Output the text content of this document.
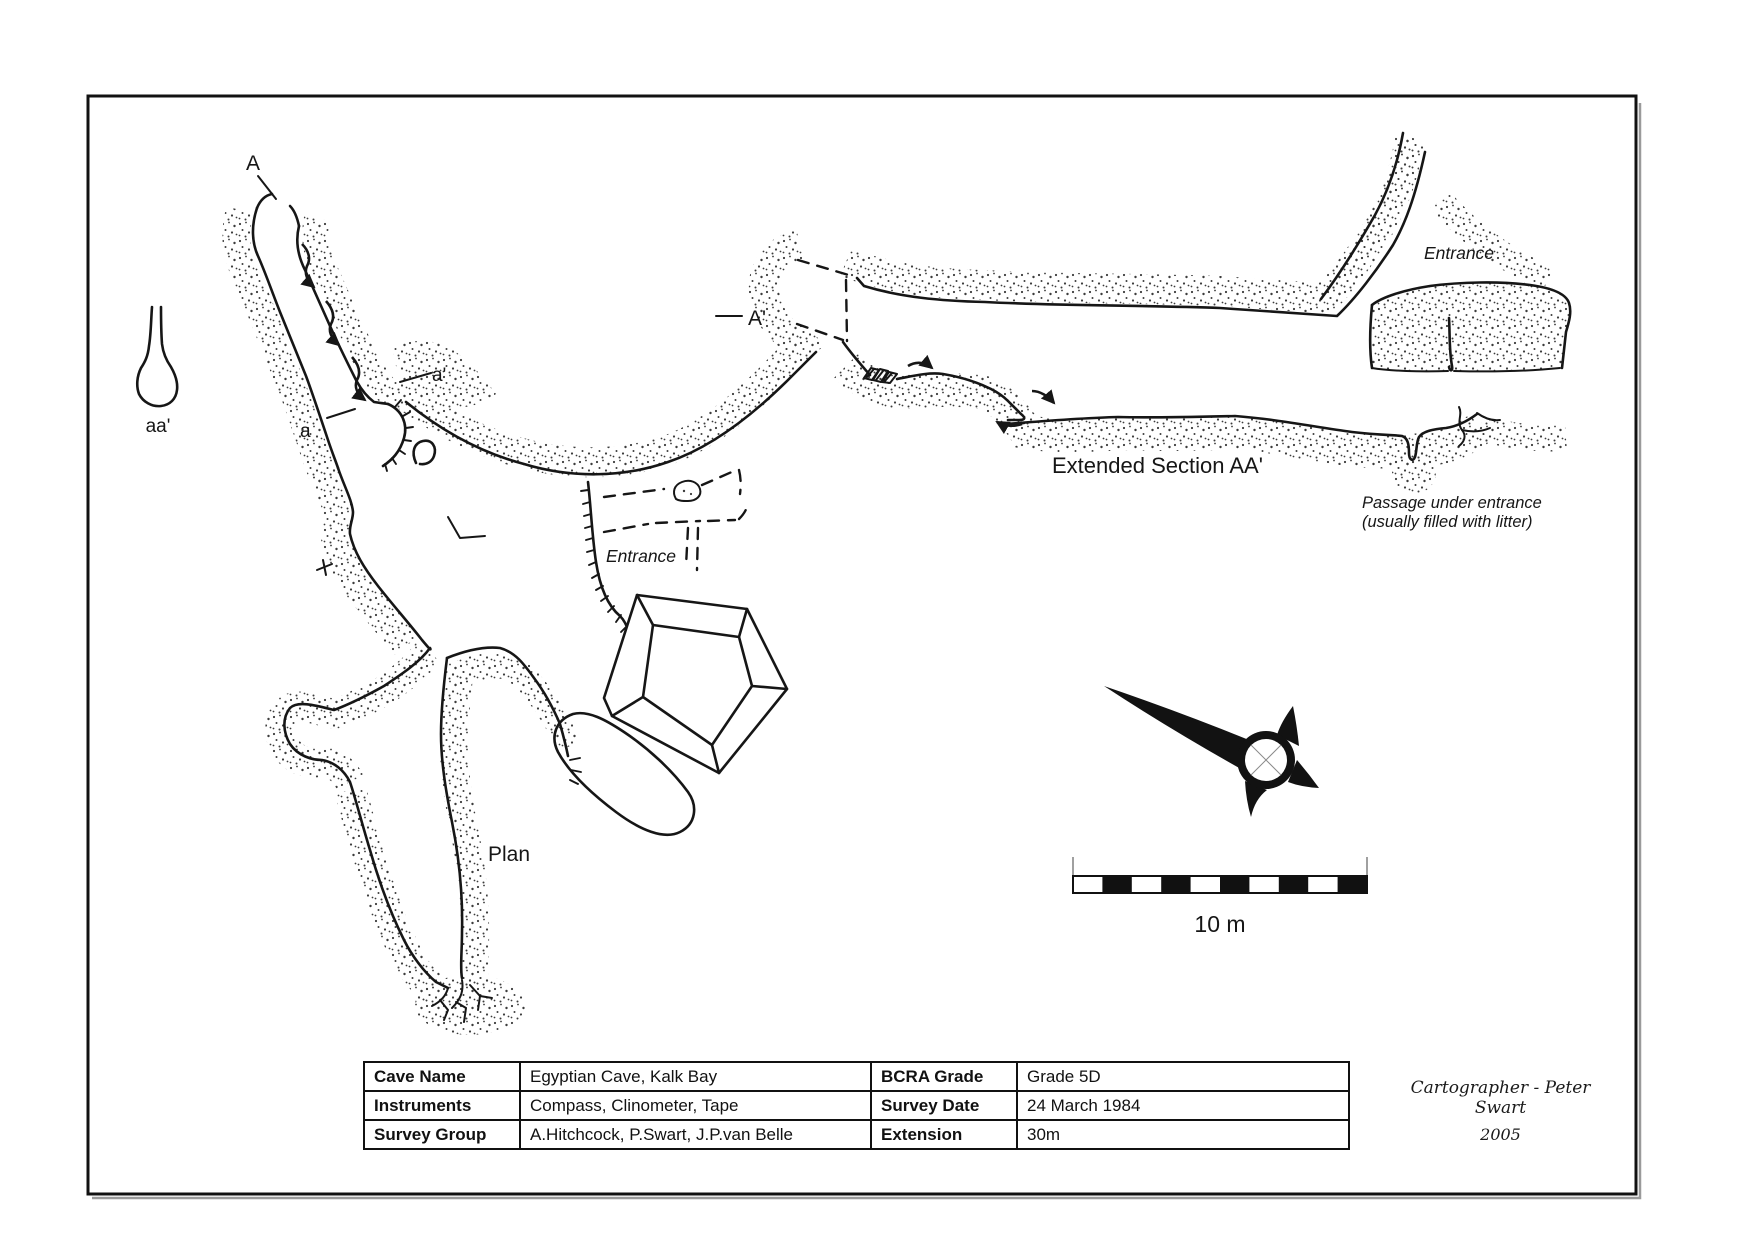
A
a
a'
aa'
A'
Entrance
Plan
Extended Section AA'
Entrance
Passage under entrance
(usually filled with litter)
10 m
Cave Name	Egyptian Cave, Kalk Bay	BCRA Grade	Grade 5D
Instruments	Compass, Clinometer, Tape	Survey Date	24 March 1984
Survey Group	A.Hitchcock, P.Swart, J.P.van Belle	Extension	30m
Cartographer - Peter Swart
2005
